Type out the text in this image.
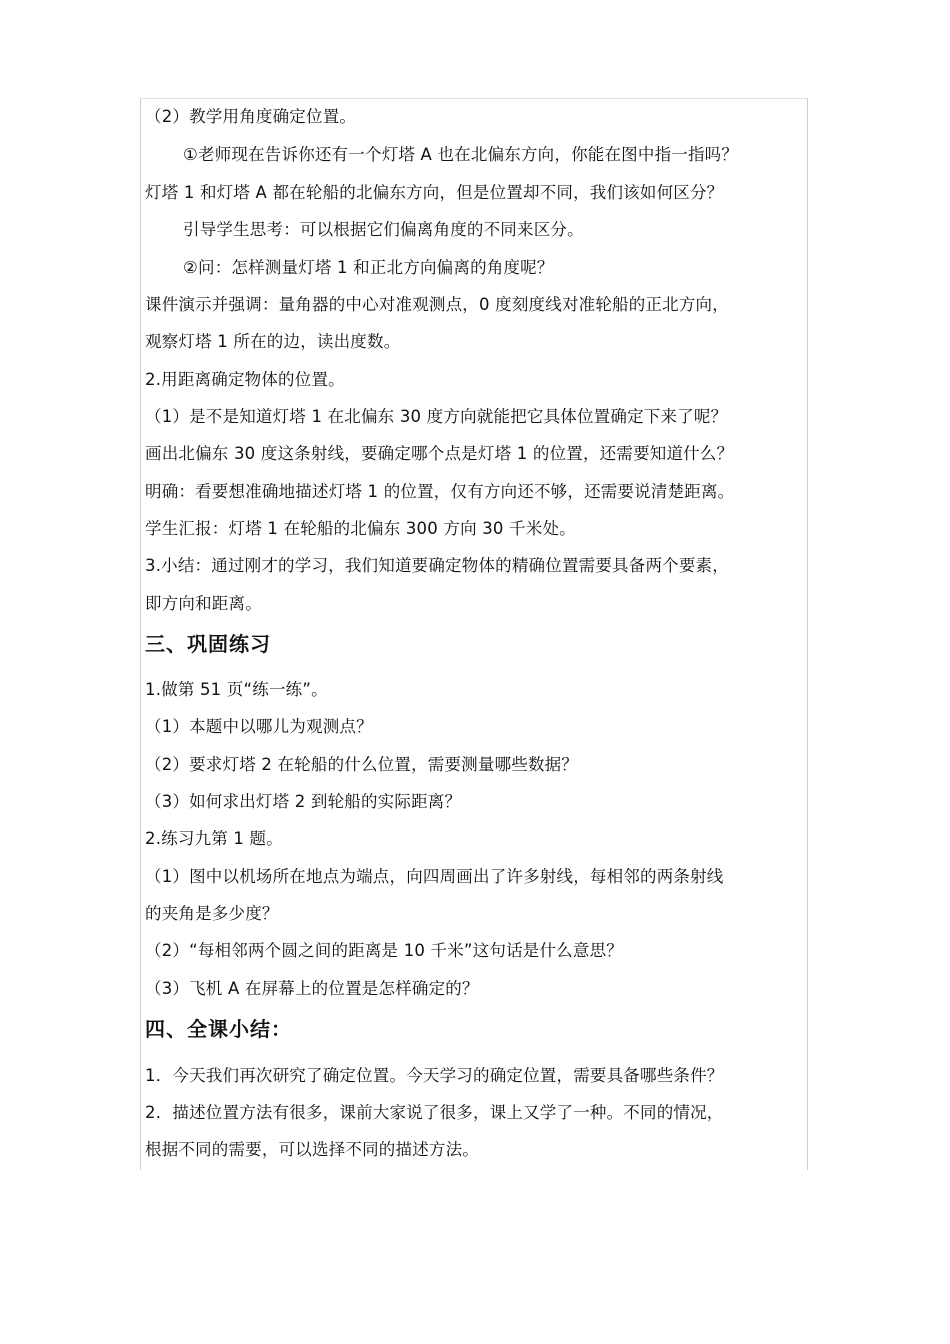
（2）教学用角度确定位置。
①老师现在告诉你还有一个灯塔 A 也在北偏东方向，你能在图中指一指吗？
灯塔 1 和灯塔 A 都在轮船的北偏东方向，但是位置却不同，我们该如何区分？
引导学生思考：可以根据它们偏离角度的不同来区分。
②问：怎样测量灯塔 1 和正北方向偏离的角度呢？
课件演示并强调：量角器的中心对准观测点，0 度刻度线对准轮船的正北方向，
观察灯塔 1 所在的边，读出度数。
2.用距离确定物体的位置。
（1）是不是知道灯塔 1 在北偏东 30 度方向就能把它具体位置确定下来了呢？
画出北偏东 30 度这条射线，要确定哪个点是灯塔 1 的位置，还需要知道什么？
明确：看要想准确地描述灯塔 1 的位置，仅有方向还不够，还需要说清楚距离。
学生汇报：灯塔 1 在轮船的北偏东 300 方向 30 千米处。
3.小结：通过刚才的学习，我们知道要确定物体的精确位置需要具备两个要素，
即方向和距离。
三、巩固练习
1.做第 51 页“练一练”。
（1）本题中以哪儿为观测点？
（2）要求灯塔 2 在轮船的什么位置，需要测量哪些数据？
（3）如何求出灯塔 2 到轮船的实际距离？
2.练习九第 1 题。
（1）图中以机场所在地点为端点，向四周画出了许多射线，每相邻的两条射线
的夹角是多少度？
（2）“每相邻两个圆之间的距离是 10 千米”这句话是什么意思？
（3）飞机 A 在屏幕上的位置是怎样确定的？
四、全课小结：
1．今天我们再次研究了确定位置。今天学习的确定位置，需要具备哪些条件？
2．描述位置方法有很多，课前大家说了很多，课上又学了一种。不同的情况，
根据不同的需要，可以选择不同的描述方法。
